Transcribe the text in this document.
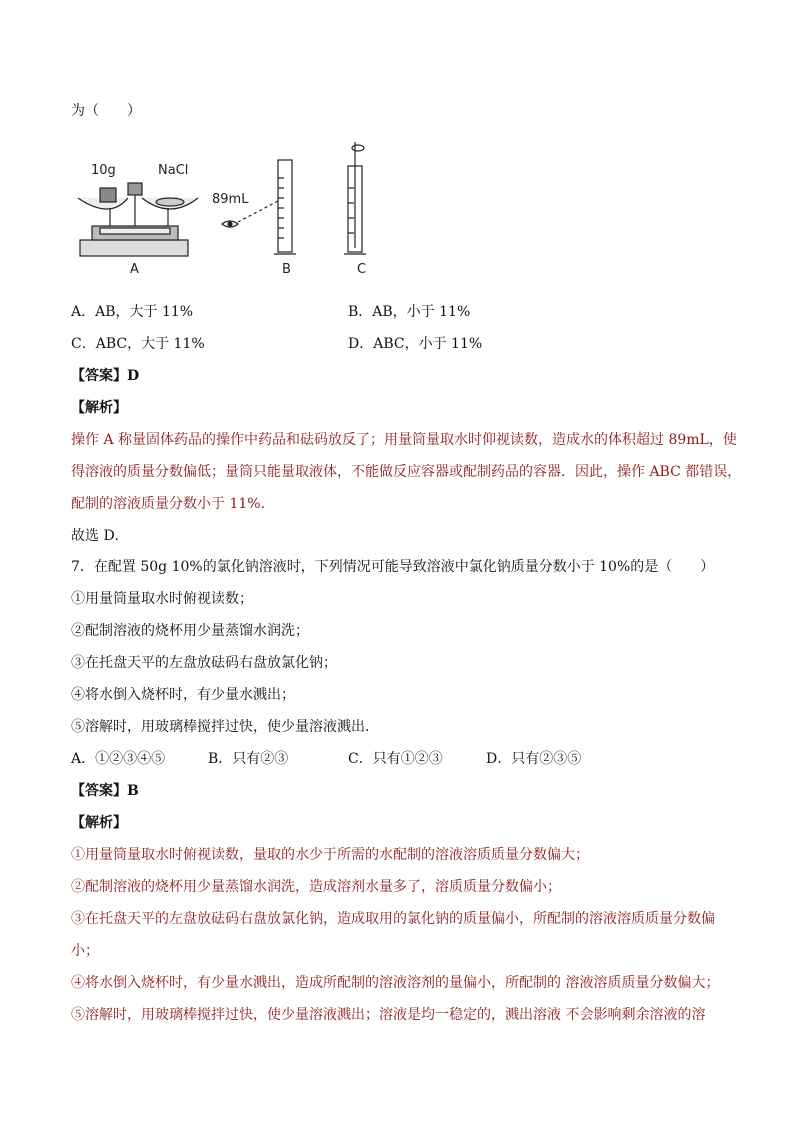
为（　　）
10g	NaCl
89mL
A	B	C
A．AB，大于 11%	B．AB，小于 11%
C．ABC，大于 11%	D．ABC，小于 11%
【答案】D
【解析】
操作 A 称量固体药品的操作中药品和砝码放反了；用量筒量取水时仰视读数，造成水的体积超过 89mL，使
得溶液的质量分数偏低；量筒只能量取液体，不能做反应容器或配制药品的容器．因此，操作 ABC 都错误，
配制的溶液质量分数小于 11%．
故选 D．
7．在配置 50g 10%的氯化钠溶液时，下列情况可能导致溶液中氯化钠质量分数小于 10%的是（　　）
①用量筒量取水时俯视读数；
②配制溶液的烧杯用少量蒸馏水润洗；
③在托盘天平的左盘放砝码右盘放氯化钠；
④将水倒入烧杯时，有少量水溅出；
⑤溶解时，用玻璃棒搅拌过快，使少量溶液溅出．
A．①②③④⑤	B．只有②③	C．只有①②③	D．只有②③⑤
【答案】B
【解析】
①用量筒量取水时俯视读数，量取的水少于所需的水配制的溶液溶质质量分数偏大；
②配制溶液的烧杯用少量蒸馏水润洗，造成溶剂水量多了，溶质质量分数偏小；
③在托盘天平的左盘放砝码右盘放氯化钠，造成取用的氯化钠的质量偏小，所配制的溶液溶质质量分数偏
小；
④将水倒入烧杯时，有少量水溅出，造成所配制的溶液溶剂的量偏小，所配制的 溶液溶质质量分数偏大；
⑤溶解时，用玻璃棒搅拌过快，使少量溶液溅出；溶液是均一稳定的，溅出溶液 不会影响剩余溶液的溶
